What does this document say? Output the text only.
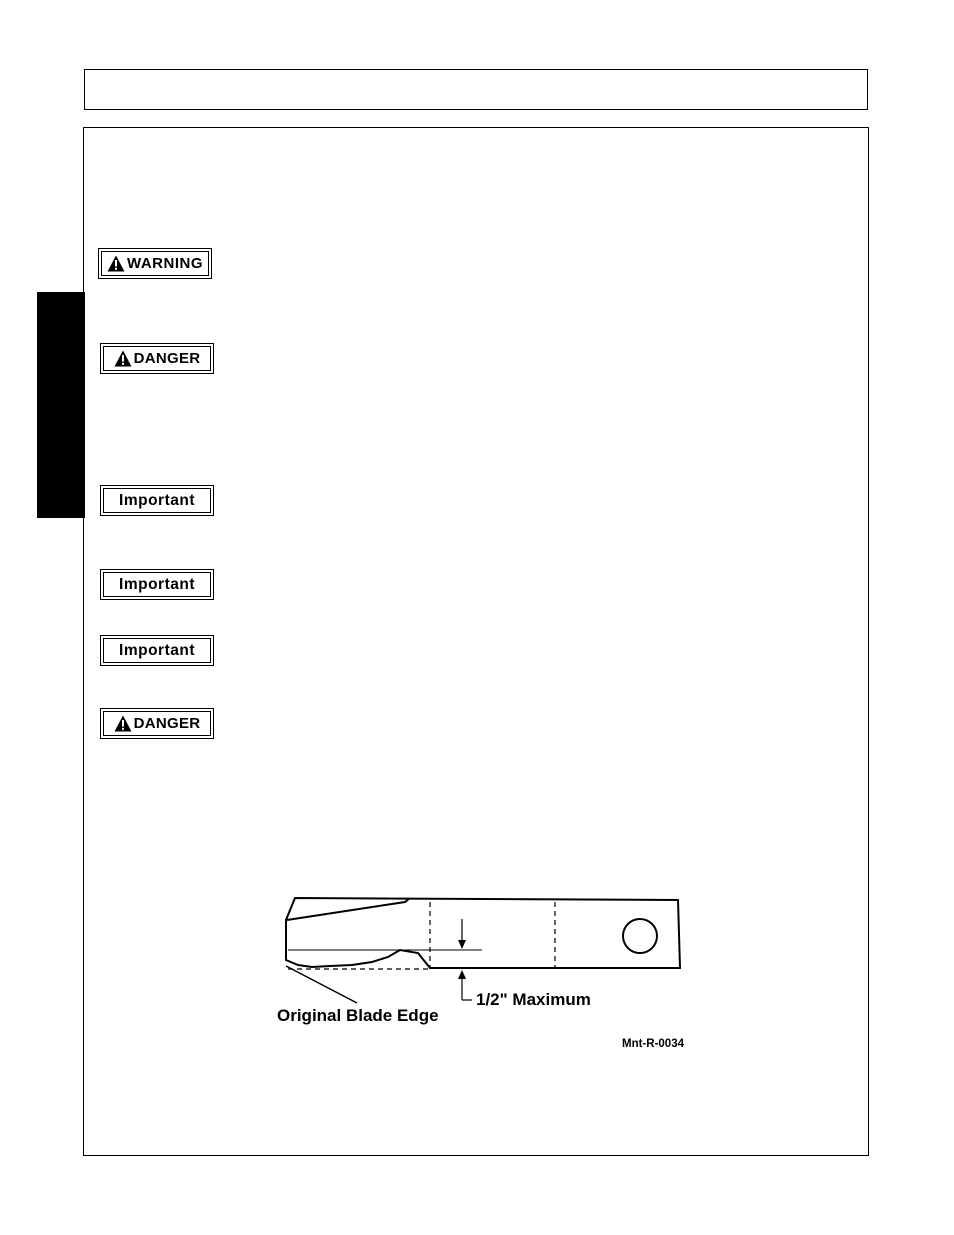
WARNING
DANGER
Important
Important
Important
DANGER
1/2" Maximum
Original Blade Edge
Mnt-R-0034
